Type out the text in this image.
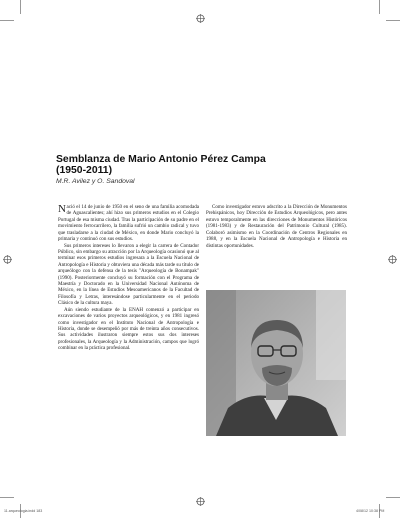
Semblanza de Mario Antonio Pérez Campa
(1950-2011)
M.R. Avilez y O. Sandoval

Nació el 14 de junio de 1950 en el seno de una familia acomodada de Aguascalientes; ahí hizo sus primeros estudios en el Colegio Portugal de esa misma ciudad. Tras la participación de su padre en el movimiento ferrocarrilero, la familia sufrió un cambio radical y tuvo que trasladarse a la ciudad de México, en donde Mario concluyó la primaria y continuó con sus estudios.

Sus primeros intereses lo llevaron a elegir la carrera de Contador Público, sin embargo su atracción por la Arqueología ocasionó que al terminar esos primeros estudios ingresara a la Escuela Nacional de Antropología e Historia y obtuviera una década más tarde su título de arqueólogo con la defensa de la tesis "Arqueología de Bonampak" (1990). Posteriormente concluyó su formación con el Programa de Maestría y Doctorado en la Universidad Nacional Autónoma de México, en la línea de Estudios Mesoamericanos de la Facultad de Filosofía y Letras, interesándose particularmente en el periodo Clásico de la cultura maya.

Aún siendo estudiante de la ENAH comenzó a participar en excavaciones de varios proyectos arqueológicos, y en 1981 ingresó como investigador en el Instituto Nacional de Antropología e Historia, donde se desempeñó por más de treinta años consecutivos. Sus actividades ilustraron siempre estos sus dos intereses profesionales, la Arqueología y la Administración, campos que logró combinar en la práctica profesional.

Como investigador estuvo adscrito a la Dirección de Monumentos Prehispánicos, hoy Dirección de Estudios Arqueológicos, pero antes estuvo temporalmente en las direcciones de Monumentos Históricos (1981-1983) y de Restauración del Patrimonio Cultural (1985). Colaboró asimismo en la Coordinación de Centros Regionales en 1988, y en la Escuela Nacional de Antropología e Historia en distintas oportunidades.

11.arqueologia.indd 183	4/08/12 10:38 PM
